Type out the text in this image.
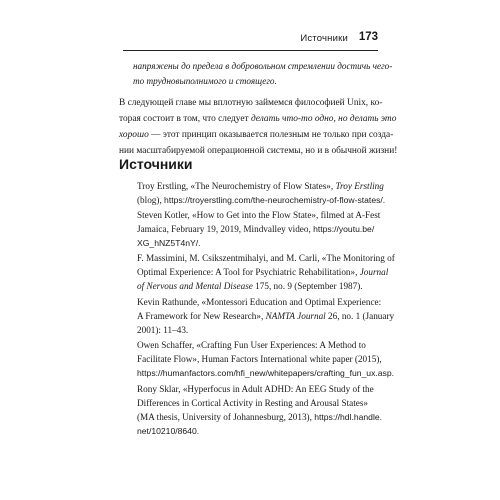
Источники 173
напряжены до предела в добровольном стремлении достичь чего-
то трудновыполнимого и стоящего.
В следующей главе мы вплотную займемся философией Unix, ко-
торая состоит в том, что следует делать что-то одно, но делать это
хорошо — этот принцип оказывается полезным не только при созда-
нии масштабируемой операционной системы, но и в обычной жизни!
Источники
Troy Erstling, «The Neurochemistry of Flow States», Troy Erstling
(blog), https://troyerstling.com/the-neurochemistry-of-flow-states/.
Steven Kotler, «How to Get into the Flow State», filmed at A-Fest
Jamaica, February 19, 2019, Mindvalley video, https://youtu.be/
XG_hNZ5T4nY/.
F. Massimini, M. Csikszentmihalyi, and M. Carli, «The Monitoring of
Optimal Experience: A Tool for Psychiatric Rehabilitation», Journal
of Nervous and Mental Disease 175, no. 9 (September 1987).
Kevin Rathunde, «Montessori Education and Optimal Experience:
A Framework for New Research», NAMTA Journal 26, no. 1 (January
2001): 11–43.
Owen Schaffer, «Crafting Fun User Experiences: A Method to
Facilitate Flow», Human Factors International white paper (2015),
https://humanfactors.com/hfi_new/whitepapers/crafting_fun_ux.asp.
Rony Sklar, «Hyperfocus in Adult ADHD: An EEG Study of the
Differences in Cortical Activity in Resting and Arousal States»
(MA thesis, University of Johannesburg, 2013), https://hdl.handle.
net/10210/8640.
